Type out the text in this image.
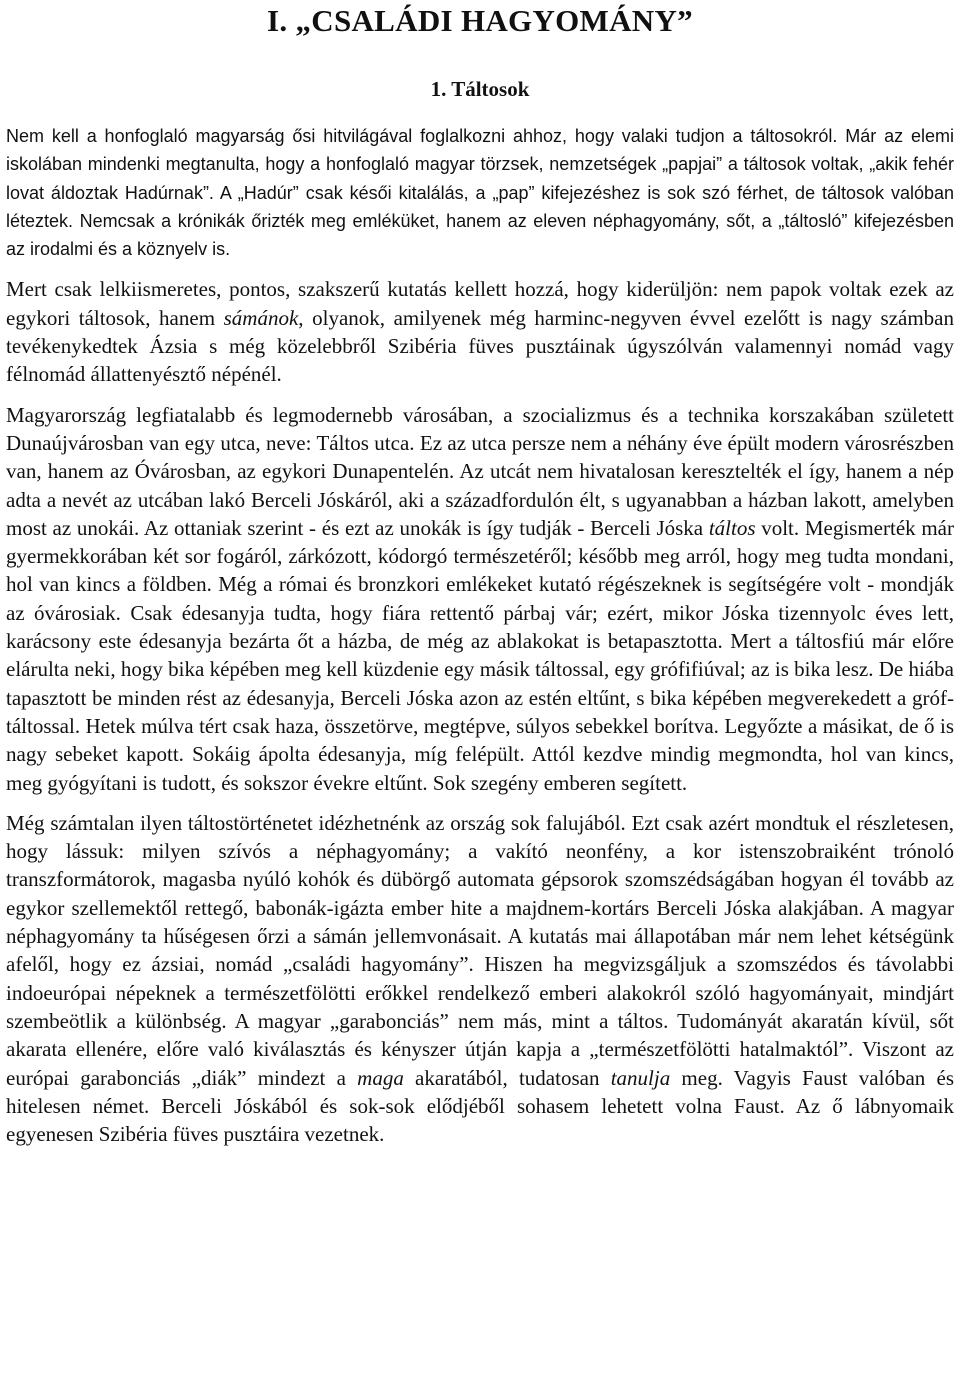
I. „CSALÁDI HAGYOMÁNY”
1. Táltosok

Nem kell a honfoglaló magyarság ősi hitvilágával foglalkozni ahhoz, hogy valaki tudjon a táltosokról. Már az elemi iskolában mindenki megtanulta, hogy a honfoglaló magyar törzsek, nemzetségek „papjai” a táltosok voltak, „akik fehér lovat áldoztak Hadúrnak”. A „Hadúr” csak késői kitalálás, a „pap” kifejezéshez is sok szó férhet, de táltosok valóban léteztek. Nemcsak a krónikák őrizték meg emléküket, hanem az eleven néphagyomány, sőt, a „táltosló” kifejezésben az irodalmi és a köznyelv is.

Mert csak lelkiismeretes, pontos, szakszerű kutatás kellett hozzá, hogy kiderüljön: nem papok voltak ezek az egykori táltosok, hanem sámánok, olyanok, amilyenek még harminc-negyven évvel ezelőtt is nagy számban tevékenykedtek Ázsia s még közelebbről Szibéria füves pusztáinak úgyszólván valamennyi nomád vagy félnomád állattenyésztő népénél.

Magyarország legfiatalabb és legmodernebb városában, a szocializmus és a technika korszakában született Dunaújvárosban van egy utca, neve: Táltos utca. Ez az utca persze nem a néhány éve épült modern városrészben van, hanem az Óvárosban, az egykori Dunapentelén. Az utcát nem hivatalosan keresztelték el így, hanem a nép adta a nevét az utcában lakó Berceli Jóskáról, aki a századfordulón élt, s ugyanabban a házban lakott, amelyben most az unokái. Az ottaniak szerint - és ezt az unokák is így tudják - Berceli Jóska táltos volt. Megismerték már gyermekkorában két sor fogáról, zárkózott, kódorgó természetéről; később meg arról, hogy meg tudta mondani, hol van kincs a földben. Még a római és bronzkori emlékeket kutató régészeknek is segítségére volt - mondják az óvárosiak. Csak édesanyja tudta, hogy fiára rettentő párbaj vár; ezért, mikor Jóska tizennyolc éves lett, karácsony este édesanyja bezárta őt a házba, de még az ablakokat is betapasztotta. Mert a táltosfiú már előre elárulta neki, hogy bika képében meg kell küzdenie egy másik táltossal, egy grófifiúval; az is bika lesz. De hiába tapasztott be minden rést az édesanyja, Berceli Jóska azon az estén eltűnt, s bika képében megverekedett a gróf-táltossal. Hetek múlva tért csak haza, összetörve, megtépve, súlyos sebekkel borítva. Legyőzte a másikat, de ő is nagy sebeket kapott. Sokáig ápolta édesanyja, míg felépült. Attól kezdve mindig megmondta, hol van kincs, meg gyógyítani is tudott, és sokszor évekre eltűnt. Sok szegény emberen segített.

Még számtalan ilyen táltostörténetet idézhetnénk az ország sok falujából. Ezt csak azért mondtuk el részletesen, hogy lássuk: milyen szívós a néphagyomány; a vakító neonfény, a kor istenszobraiként trónoló transzformátorok, magasba nyúló kohók és dübörgő automata gépsorok szomszédságában hogyan él tovább az egykor szellemektől rettegő, babonák-igázta ember hite a majdnem-kortárs Berceli Jóska alakjában. A magyar néphagyomány ta hűségesen őrzi a sámán jellemvonásait. A kutatás mai állapotában már nem lehet kétségünk afelől, hogy ez ázsiai, nomád „családi hagyomány”. Hiszen ha megvizsgáljuk a szomszédos és távolabbi indoeurópai népeknek a természetfölötti erőkkel rendelkező emberi alakokról szóló hagyományait, mindjárt szembeötlik a különbség. A magyar „garabonciás” nem más, mint a táltos. Tudományát akaratán kívül, sőt akarata ellenére, előre való kiválasztás és kényszer útján kapja a „természetfölötti hatalmaktól”. Viszont az európai garabonciás „diák” mindezt a maga akaratából, tudatosan tanulja meg. Vagyis Faust valóban és hitelesen német. Berceli Jóskából és sok-sok elődjéből sohasem lehetett volna Faust. Az ő lábnyomaik egyenesen Szibéria füves pusztáira vezetnek.
